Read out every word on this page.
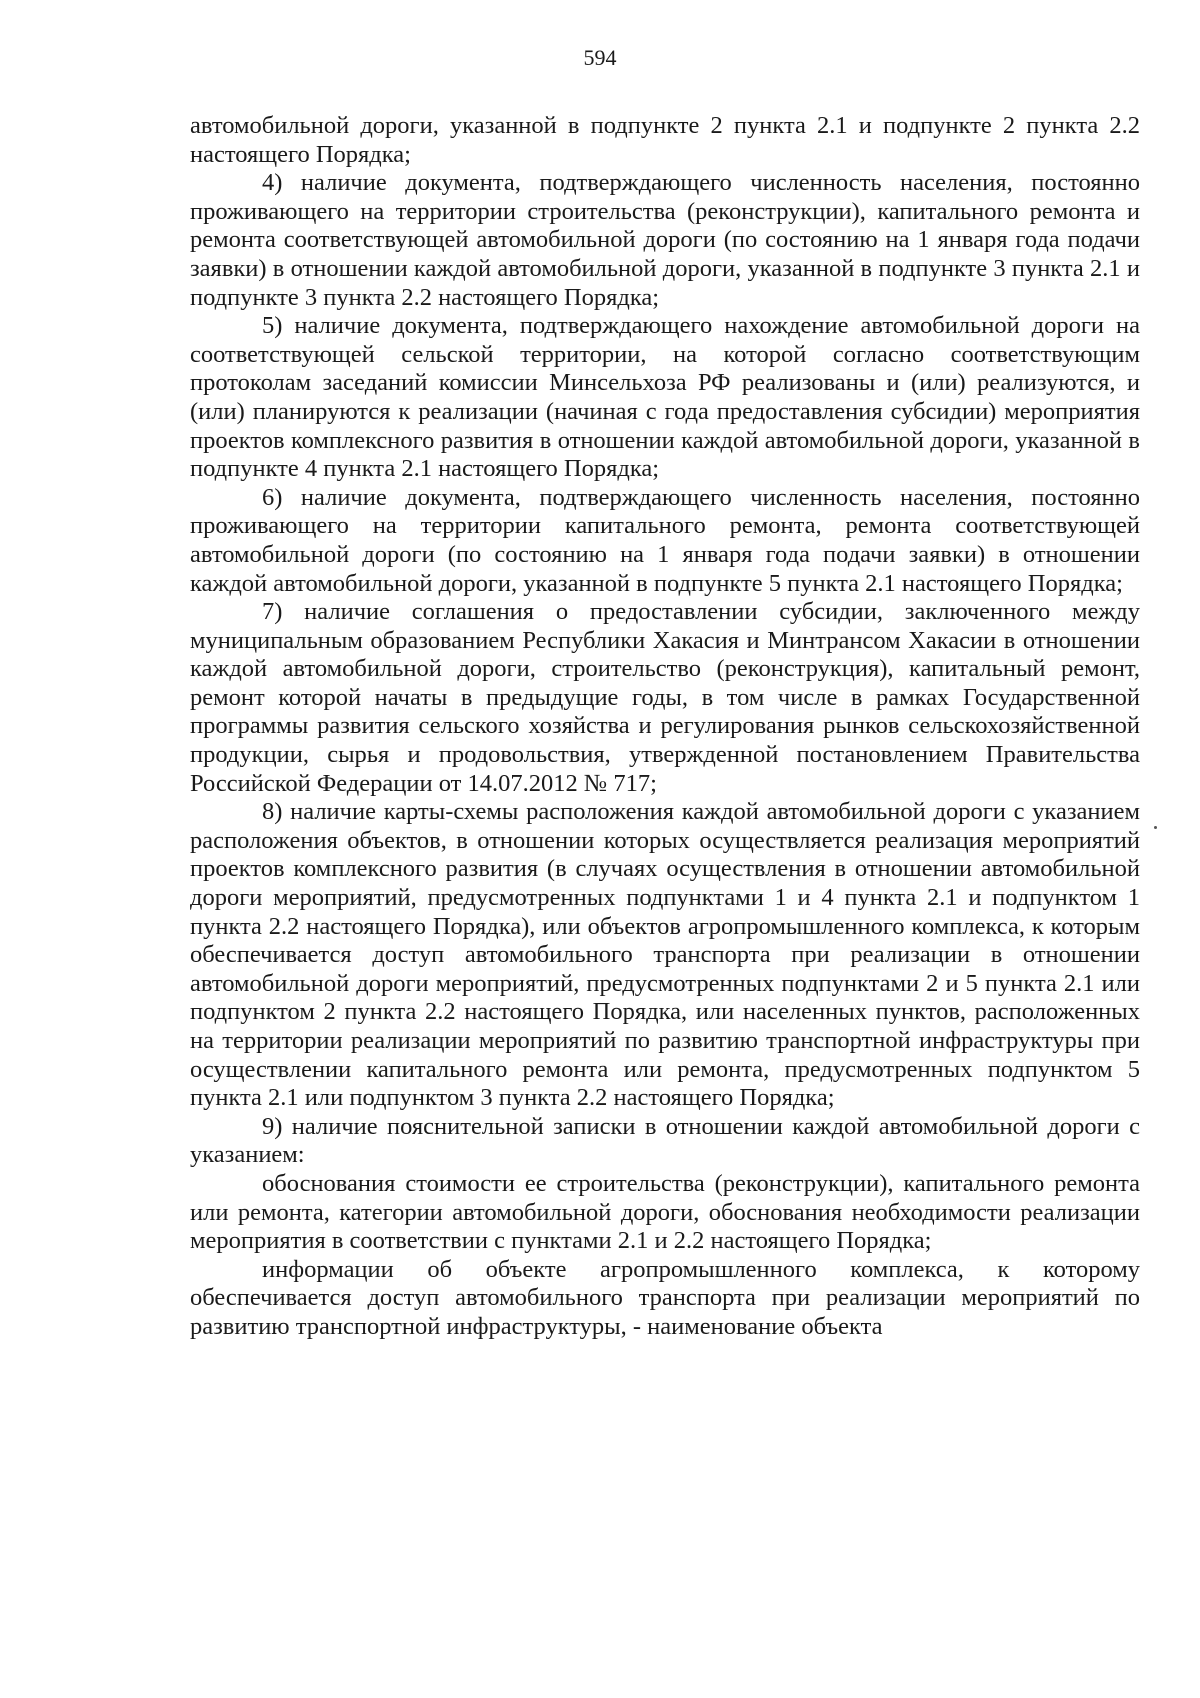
594

автомобильной дороги, указанной в подпункте 2 пункта 2.1 и подпункте 2 пункта 2.2 настоящего Порядка;

4) наличие документа, подтверждающего численность населения, постоянно проживающего на территории строительства (реконструкции), капитального ремонта и ремонта соответствующей автомобильной дороги (по состоянию на 1 января года подачи заявки) в отношении каждой автомобильной дороги, указанной в подпункте 3 пункта 2.1 и подпункте 3 пункта 2.2 настоящего Порядка;

5) наличие документа, подтверждающего нахождение автомобильной дороги на соответствующей сельской территории, на которой согласно соответствующим протоколам заседаний комиссии Минсельхоза РФ реализованы и (или) реализуются, и (или) планируются к реализации (начиная с года предоставления субсидии) мероприятия проектов комплексного развития в отношении каждой автомобильной дороги, указанной в подпункте 4 пункта 2.1 настоящего Порядка;

6) наличие документа, подтверждающего численность населения, постоянно проживающего на территории капитального ремонта, ремонта соответствующей автомобильной дороги (по состоянию на 1 января года подачи заявки) в отношении каждой автомобильной дороги, указанной в подпункте 5 пункта 2.1 настоящего Порядка;

7) наличие соглашения о предоставлении субсидии, заключенного между муниципальным образованием Республики Хакасия и Минтрансом Хакасии в отношении каждой автомобильной дороги, строительство (реконструкция), капитальный ремонт, ремонт которой начаты в предыдущие годы, в том числе в рамках Государственной программы развития сельского хозяйства и регулирования рынков сельскохозяйственной продукции, сырья и продовольствия, утвержденной постановлением Правительства Российской Федерации от 14.07.2012 № 717;

8) наличие карты-схемы расположения каждой автомобильной дороги с указанием расположения объектов, в отношении которых осуществляется реализация мероприятий проектов комплексного развития (в случаях осуществления в отношении автомобильной дороги мероприятий, предусмотренных подпунктами 1 и 4 пункта 2.1 и подпунктом 1 пункта 2.2 настоящего Порядка), или объектов агропромышленного комплекса, к которым обеспечивается доступ автомобильного транспорта при реализации в отношении автомобильной дороги мероприятий, предусмотренных подпунктами 2 и 5 пункта 2.1 или подпунктом 2 пункта 2.2 настоящего Порядка, или населенных пунктов, расположенных на территории реализации мероприятий по развитию транспортной инфраструктуры при осуществлении капитального ремонта или ремонта, предусмотренных подпунктом 5 пункта 2.1 или подпунктом 3 пункта 2.2 настоящего Порядка;

9) наличие пояснительной записки в отношении каждой автомобильной дороги с указанием:

обоснования стоимости ее строительства (реконструкции), капитального ремонта или ремонта, категории автомобильной дороги, обоснования необходимости реализации мероприятия в соответствии с пунктами 2.1 и 2.2 настоящего Порядка;

информации об объекте агропромышленного комплекса, к которому обеспечивается доступ автомобильного транспорта при реализации мероприятий по развитию транспортной инфраструктуры, - наименование объекта
